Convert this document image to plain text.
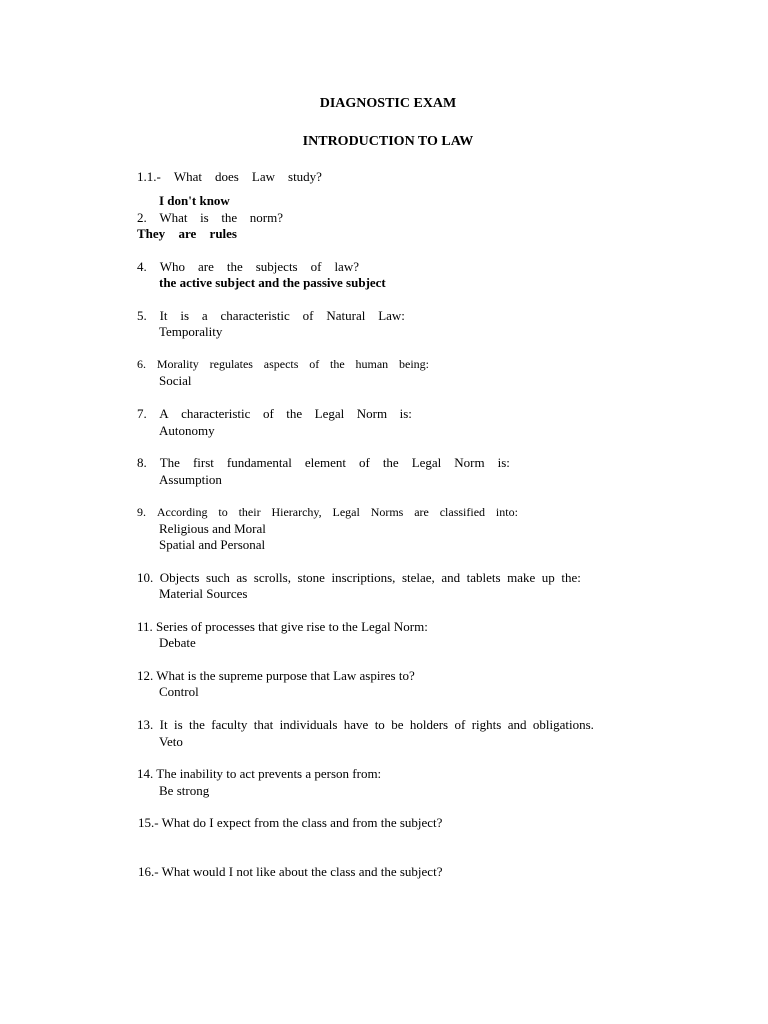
DIAGNOSTIC EXAM
INTRODUCTION TO LAW
1.1.- What does Law study?
I don't know
2. What is the norm?
They are rules
4. Who are the subjects of law?
the active subject and the passive subject
5. It is a characteristic of Natural Law:
Temporality
6. Morality regulates aspects of the human being:
Social
7. A characteristic of the Legal Norm is:
Autonomy
8. The first fundamental element of the Legal Norm is:
Assumption
9. According to their Hierarchy, Legal Norms are classified into:
Religious and Moral
Spatial and Personal
10. Objects such as scrolls, stone inscriptions, stelae, and tablets make up the:
Material Sources
11. Series of processes that give rise to the Legal Norm:
Debate
12. What is the supreme purpose that Law aspires to?
Control
13. It is the faculty that individuals have to be holders of rights and obligations.
Veto
14. The inability to act prevents a person from:
Be strong
15.- What do I expect from the class and from the subject?
16.- What would I not like about the class and the subject?
